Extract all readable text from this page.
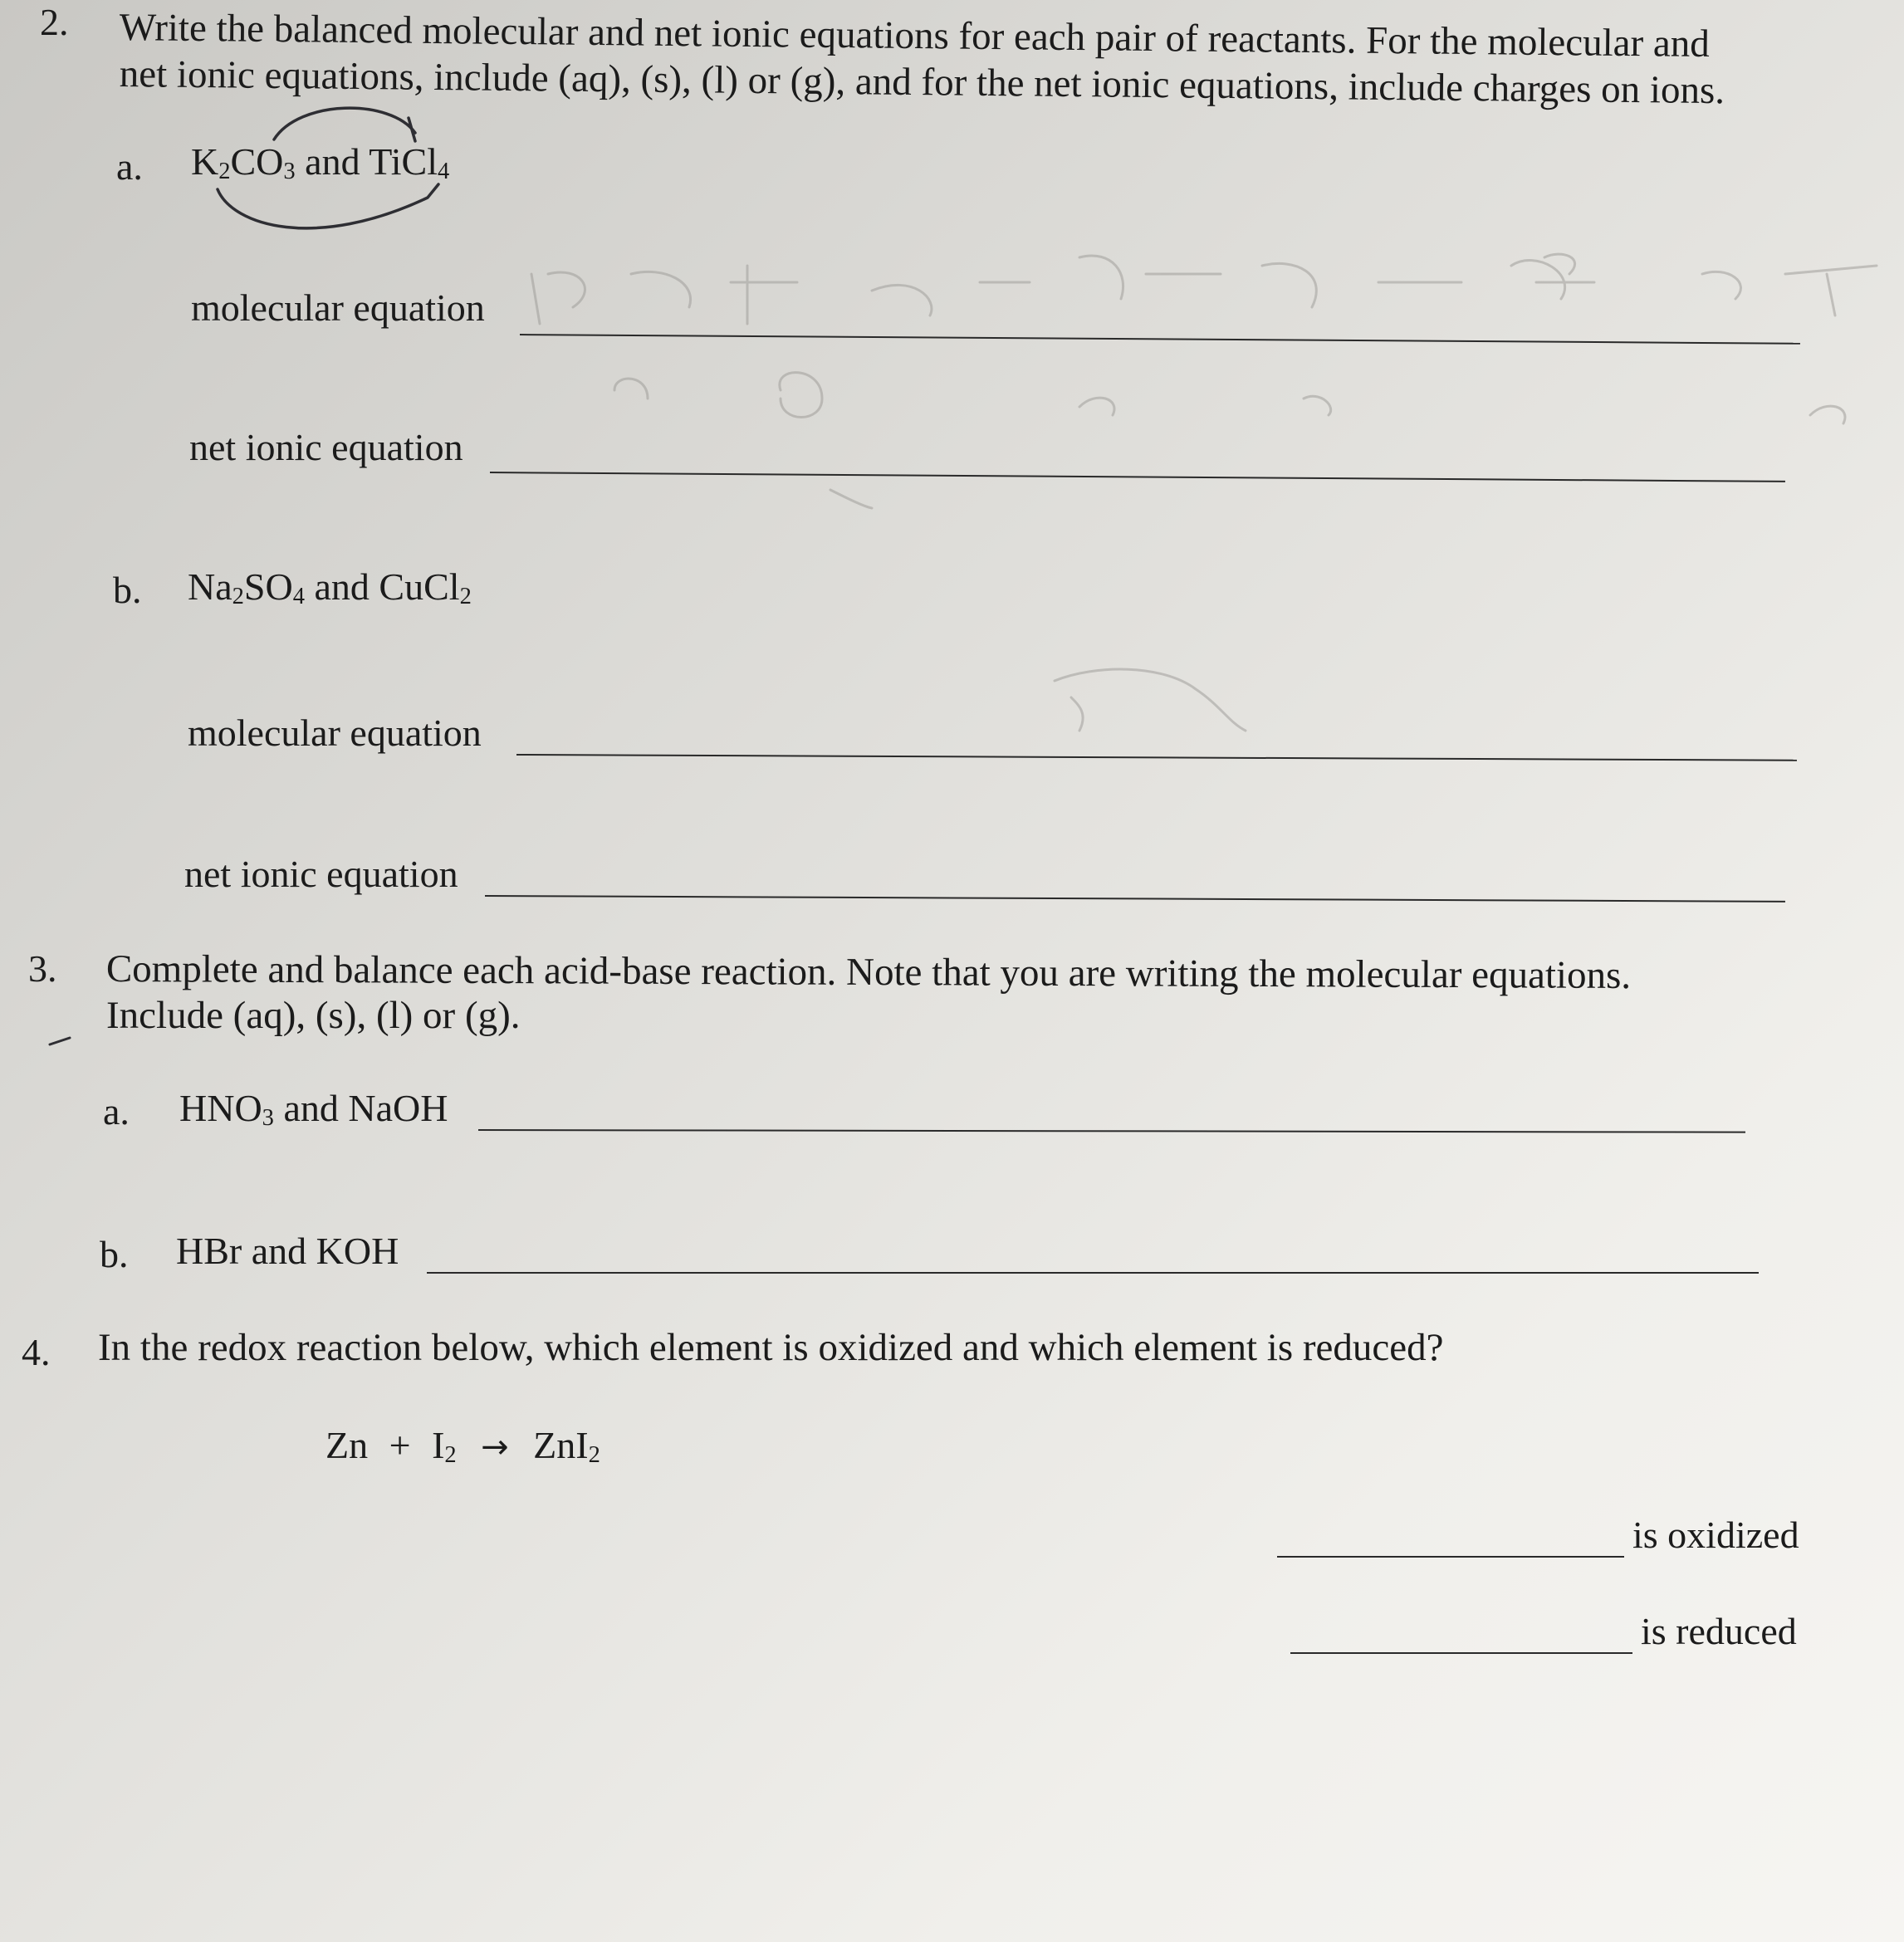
2. Write the balanced molecular and net ionic equations for each pair of reactants. For the molecular and
net ionic equations, include (aq), (s), (l) or (g), and for the net ionic equations, include charges on ions.
a. $K_2CO_3$ and TiCl$_4$
molecular equation
net ionic equation
b. $Na_2SO_4$ and CuCl$_2$
molecular equation
net ionic equation
3. Complete and balance each acid-base reaction. Note that you are writing the molecular equations.
Include (aq), (s), (l) or (g).
a. $HNO_3$ and NaOH
b. HBr and KOH
4. In the redox reaction below, which element is oxidized and which element is reduced?
$Zn + I_2 \to ZnI_2$
is oxidized
is reduced
